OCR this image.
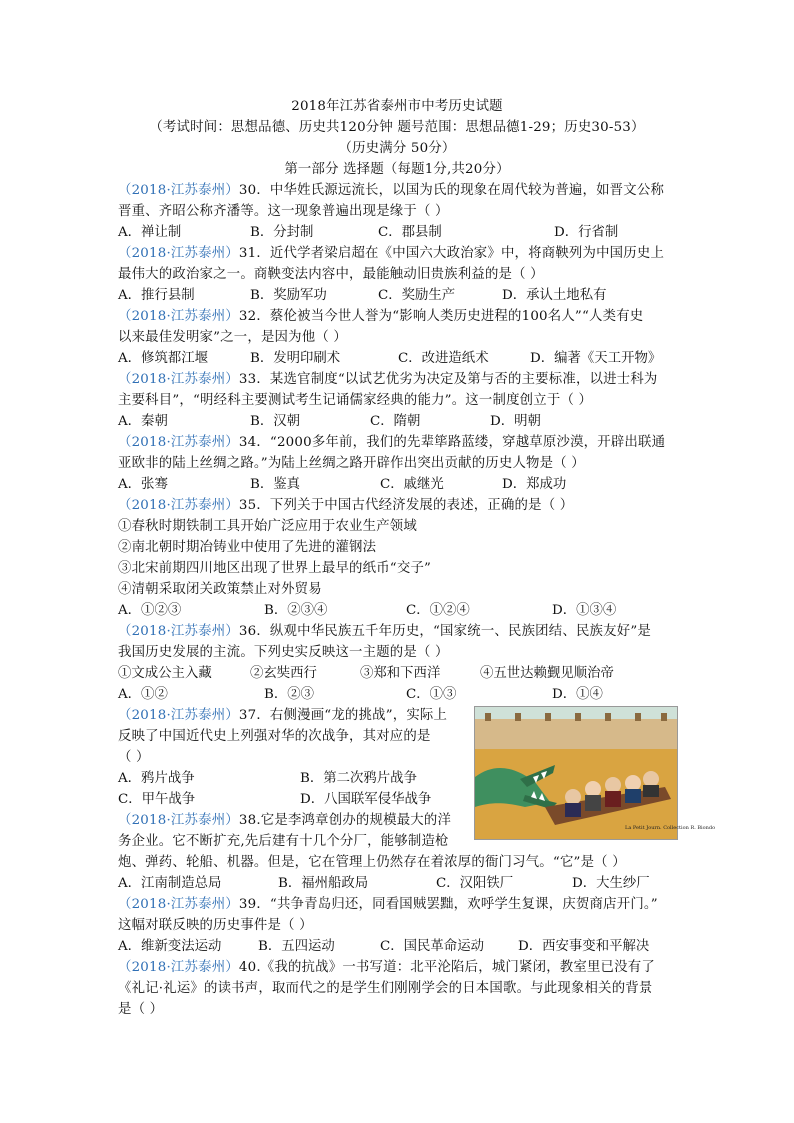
2018年江苏省泰州市中考历史试题
（考试时间：思想品德、历史共120分钟 题号范围：思想品德1-29；历史30-53）
（历史满分 50分）
第一部分 选择题（每题1分,共20分）
（2018·江苏泰州）30．中华姓氏源远流长，以国为氏的现象在周代较为普遍，如晋文公称
晋重、齐昭公称齐潘等。这一现象普遍出现是缘于（ ）
A．禅让制	B．分封制	C．郡县制	D．行省制
（2018·江苏泰州）31．近代学者梁启超在《中国六大政治家》中，将商鞅列为中国历史上
最伟大的政治家之一。商鞅变法内容中，最能触动旧贵族利益的是（ ）
A．推行县制	B．奖励军功	C．奖励生产	D．承认土地私有
（2018·江苏泰州）32．蔡伦被当今世人誉为“影响人类历史进程的100名人”“人类有史
以来最佳发明家”之一，是因为他（ ）
A．修筑都江堰	B．发明印刷术	C．改进造纸术	D．编著《天工开物》
（2018·江苏泰州）33．某选官制度“以试艺优劣为决定及第与否的主要标准，以进士科为
主要科目”，“明经科主要测试考生记诵儒家经典的能力”。这一制度创立于（ ）
A．秦朝	B．汉朝	C．隋朝	D．明朝
（2018·江苏泰州）34．“2000多年前，我们的先辈筚路蓝缕，穿越草原沙漠，开辟出联通
亚欧非的陆上丝绸之路。”为陆上丝绸之路开辟作出突出贡献的历史人物是（ ）
A．张骞	B．鉴真	C．戚继光	D．郑成功
（2018·江苏泰州）35．下列关于中国古代经济发展的表述，正确的是（ ）
①春秋时期铁制工具开始广泛应用于农业生产领域
②南北朝时期冶铸业中使用了先进的灌钢法
③北宋前期四川地区出现了世界上最早的纸币“交子”
④清朝采取闭关政策禁止对外贸易
A．①②③	B．②③④	C．①②④	D．①③④
（2018·江苏泰州）36．纵观中华民族五千年历史，“国家统一、民族团结、民族友好”是
我国历史发展的主流。下列史实反映这一主题的是（ ）
①文成公主入藏	②玄奘西行	③郑和下西洋	④五世达赖觐见顺治帝
A．①②	B．②③	C．①③	D．①④
（2018·江苏泰州）37．右侧漫画“龙的挑战”，实际上
反映了中国近代史上列强对华的次战争，其对应的是
（ ）
A．鸦片战争	B．第二次鸦片战争
C．甲午战争	D．八国联军侵华战争
La Petit Journ. Collection R. Biondo
（2018·江苏泰州）38.它是李鸿章创办的规模最大的洋
务企业。它不断扩充,先后建有十几个分厂，能够制造枪
炮、弹药、轮船、机器。但是，它在管理上仍然存在着浓厚的衙门习气。“它”是（ ）
A．江南制造总局	B．福州船政局	C．汉阳铁厂	D．大生纱厂
（2018·江苏泰州）39．“共争青岛归还，同看国贼罢黜，欢呼学生复课，庆贺商店开门。”
这幅对联反映的历史事件是（ ）
A．维新变法运动	B．五四运动	C．国民革命运动	D．西安事变和平解决
（2018·江苏泰州）40.《我的抗战》一书写道：北平沦陷后，城门紧闭，教室里已没有了
《礼记·礼运》的读书声，取而代之的是学生们刚刚学会的日本国歌。与此现象相关的背景
是（ ）
